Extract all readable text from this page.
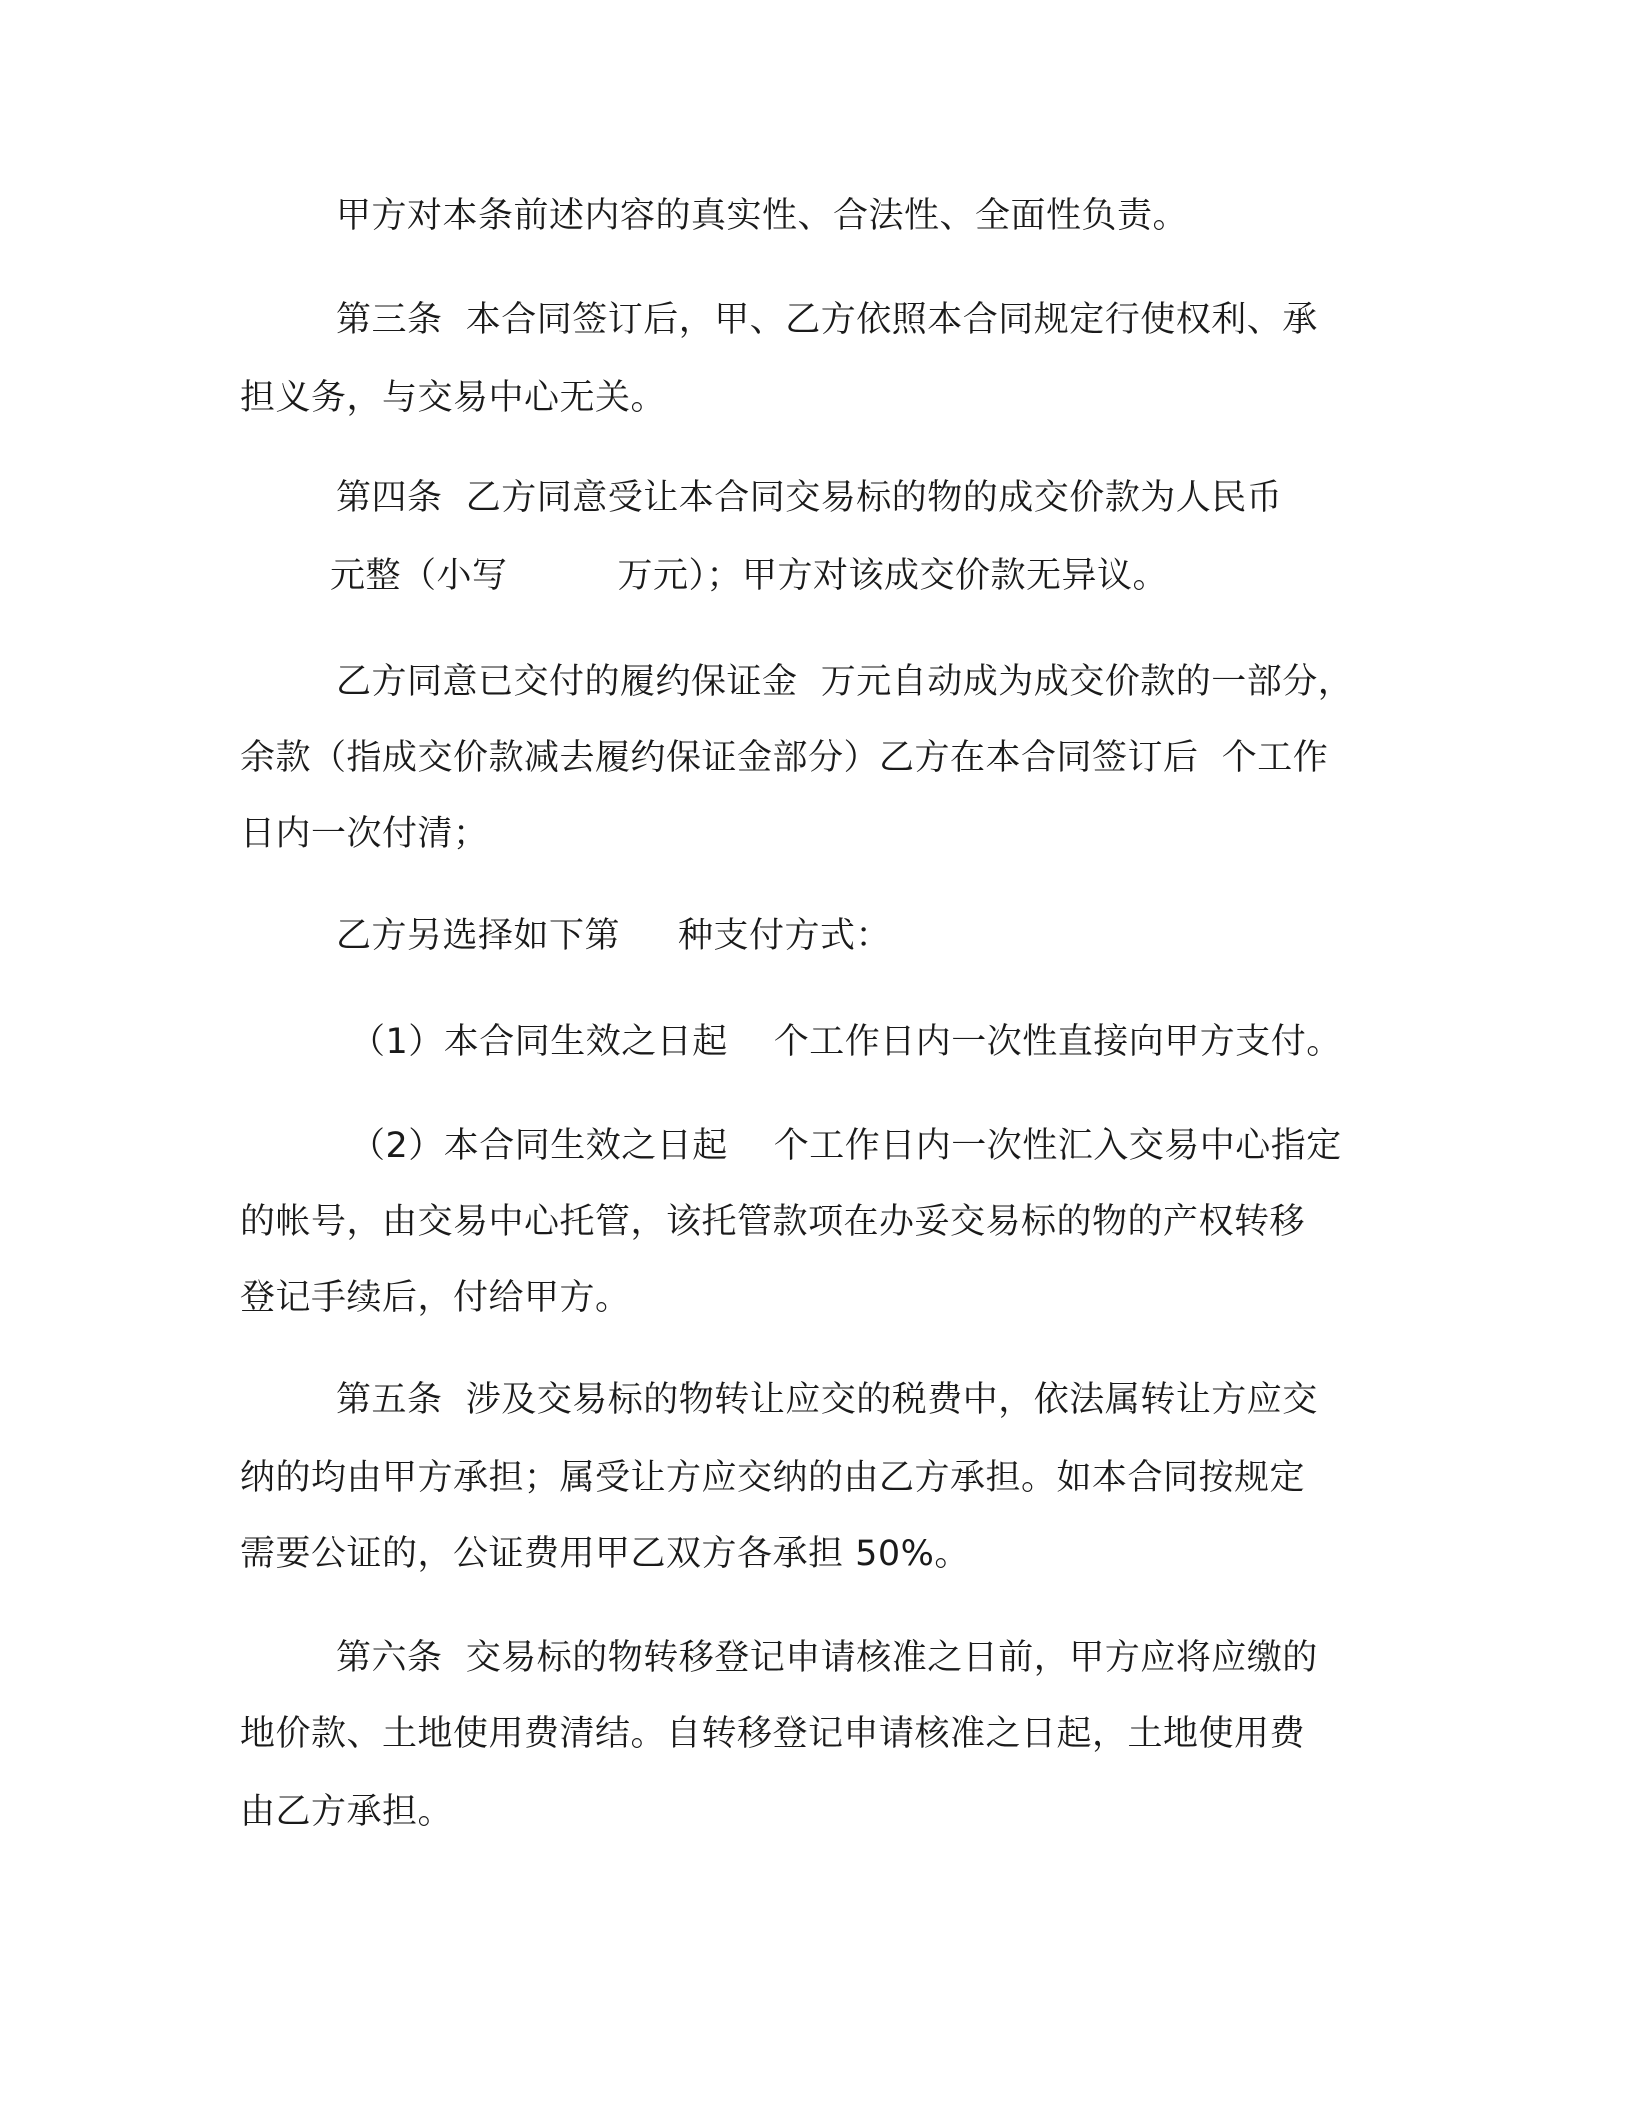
甲方对本条前述内容的真实性、合法性、全面性负责。
第三条  本合同签订后，甲、乙方依照本合同规定行使权利、承
担义务，与交易中心无关。
第四条  乙方同意受让本合同交易标的物的成交价款为人民币
元整（小写	万元）；甲方对该成交价款无异议。
乙方同意已交付的履约保证金  万元自动成为成交价款的一部分，
余款（指成交价款减去履约保证金部分）乙方在本合同签订后  个工作
日内一次付清；
乙方另选择如下第 种支付方式：
（1）本合同生效之日起 个工作日内一次性直接向甲方支付。
（2）本合同生效之日起 个工作日内一次性汇入交易中心指定
的帐号，由交易中心托管，该托管款项在办妥交易标的物的产权转移
登记手续后，付给甲方。
第五条  涉及交易标的物转让应交的税费中，依法属转让方应交
纳的均由甲方承担；属受让方应交纳的由乙方承担。如本合同按规定
需要公证的，公证费用甲乙双方各承担 50%。
第六条  交易标的物转移登记申请核准之日前，甲方应将应缴的
地价款、土地使用费清结。自转移登记申请核准之日起，土地使用费
由乙方承担。
